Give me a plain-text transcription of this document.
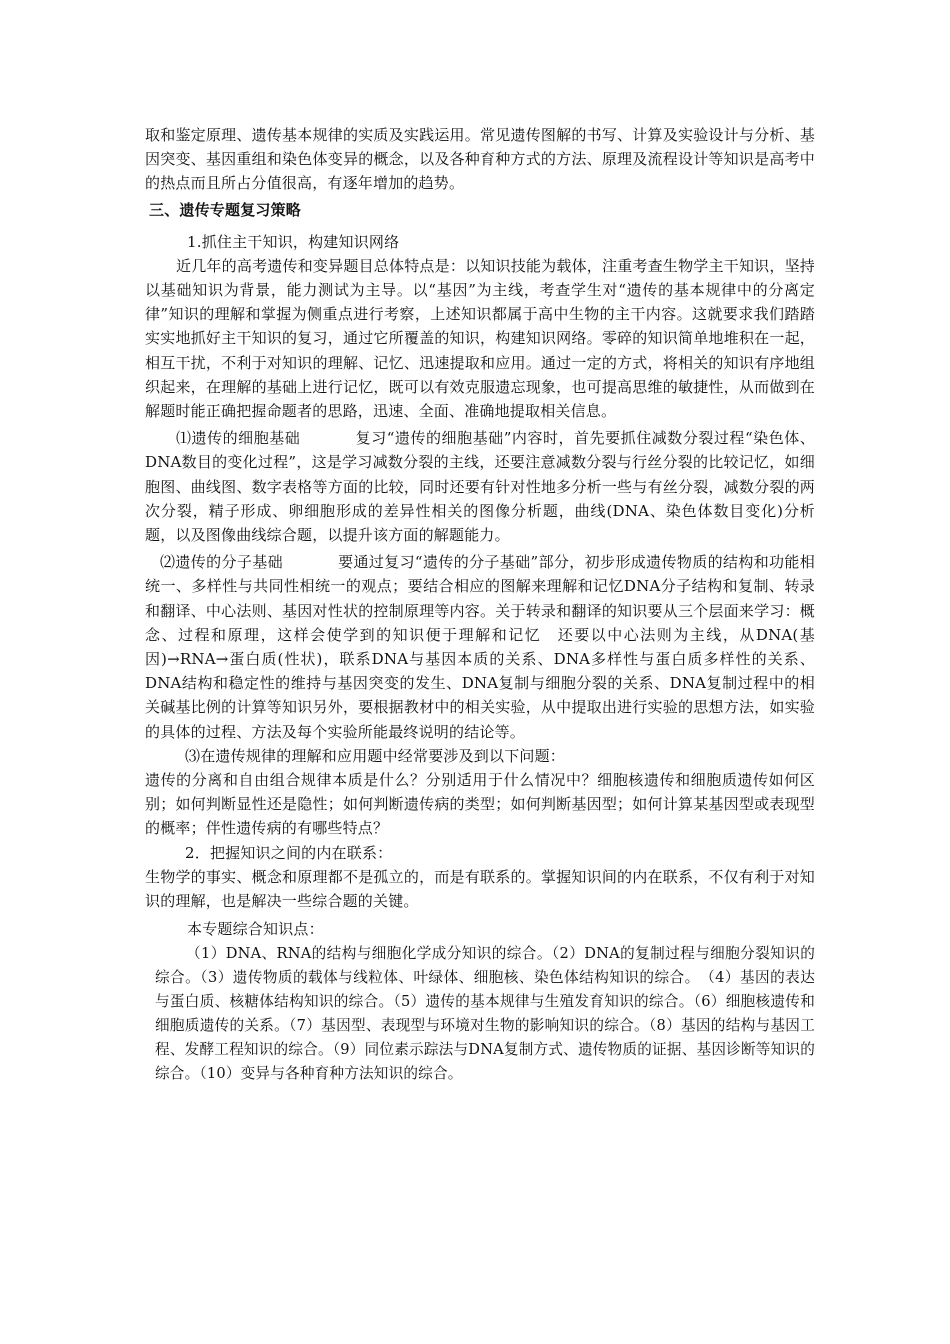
取和鉴定原理、遗传基本规律的实质及实践运用。常见遗传图解的书写、计算及实验设计与分析、基因突变、基因重组和染色体变异的概念，以及各种育种方式的方法、原理及流程设计等知识是高考中的热点而且所占分值很高，有逐年增加的趋势。

三、遗传专题复习策略

1.抓住主干知识，构建知识网络

近几年的高考遗传和变异题目总体特点是：以知识技能为载体，注重考查生物学主干知识，坚持以基础知识为背景，能力测试为主导。以“基因”为主线，考查学生对“遗传的基本规律中的分离定律”知识的理解和掌握为侧重点进行考察，上述知识都属于高中生物的主干内容。这就要求我们踏踏实实地抓好主干知识的复习，通过它所覆盖的知识，构建知识网络。零碎的知识简单地堆积在一起，相互干扰，不利于对知识的理解、记忆、迅速提取和应用。通过一定的方式，将相关的知识有序地组织起来，在理解的基础上进行记忆，既可以有效克服遗忘现象，也可提高思维的敏捷性，从而做到在解题时能正确把握命题者的思路，迅速、全面、准确地提取相关信息。

⑴遗传的细胞基础	复习“遗传的细胞基础”内容时，首先要抓住减数分裂过程“染色体、DNA数目的变化过程”，这是学习减数分裂的主线，还要注意减数分裂与行丝分裂的比较记忆，如细胞图、曲线图、数字表格等方面的比较，同时还要有针对性地多分析一些与有丝分裂，减数分裂的两次分裂，精子形成、卵细胞形成的差异性相关的图像分析题，曲线(DNA、染色体数目变化)分析题，以及图像曲线综合题，以提升该方面的解题能力。

⑵遗传的分子基础	要通过复习“遗传的分子基础”部分，初步形成遗传物质的结构和功能相统一、多样性与共同性相统一的观点；要结合相应的图解来理解和记忆DNA分子结构和复制、转录和翻译、中心法则、基因对性状的控制原理等内容。关于转录和翻译的知识要从三个层面来学习：概念、过程和原理，这样会使学到的知识便于理解和记忆　还要以中心法则为主线，从DNA(基因)→RNA→蛋白质(性状)，联系DNA与基因本质的关系、DNA多样性与蛋白质多样性的关系、DNA结构和稳定性的维持与基因突变的发生、DNA复制与细胞分裂的关系、DNA复制过程中的相关碱基比例的计算等知识另外，要根据教材中的相关实验，从中提取出进行实验的思想方法，如实验的具体的过程、方法及每个实验所能最终说明的结论等。

⑶在遗传规律的理解和应用题中经常要涉及到以下问题：

遗传的分离和自由组合规律本质是什么？分别适用于什么情况中？细胞核遗传和细胞质遗传如何区别；如何判断显性还是隐性；如何判断遗传病的类型；如何判断基因型；如何计算某基因型或表现型的概率；伴性遗传病的有哪些特点？

2．把握知识之间的内在联系：

生物学的事实、概念和原理都不是孤立的，而是有联系的。掌握知识间的内在联系，不仅有利于对知识的理解，也是解决一些综合题的关键。

本专题综合知识点：

（1）DNA、RNA的结构与细胞化学成分知识的综合。（2）DNA的复制过程与细胞分裂知识的综合。（3）遗传物质的载体与线粒体、叶绿体、细胞核、染色体结构知识的综合。　（4）基因的表达与蛋白质、核糖体结构知识的综合。（5）遗传的基本规律与生殖发育知识的综合。（6）细胞核遗传和细胞质遗传的关系。（7）基因型、表现型与环境对生物的影响知识的综合。（8）基因的结构与基因工程、发酵工程知识的综合。（9）同位素示踪法与DNA复制方式、遗传物质的证据、基因诊断等知识的综合。（10）变异与各种育种方法知识的综合。
